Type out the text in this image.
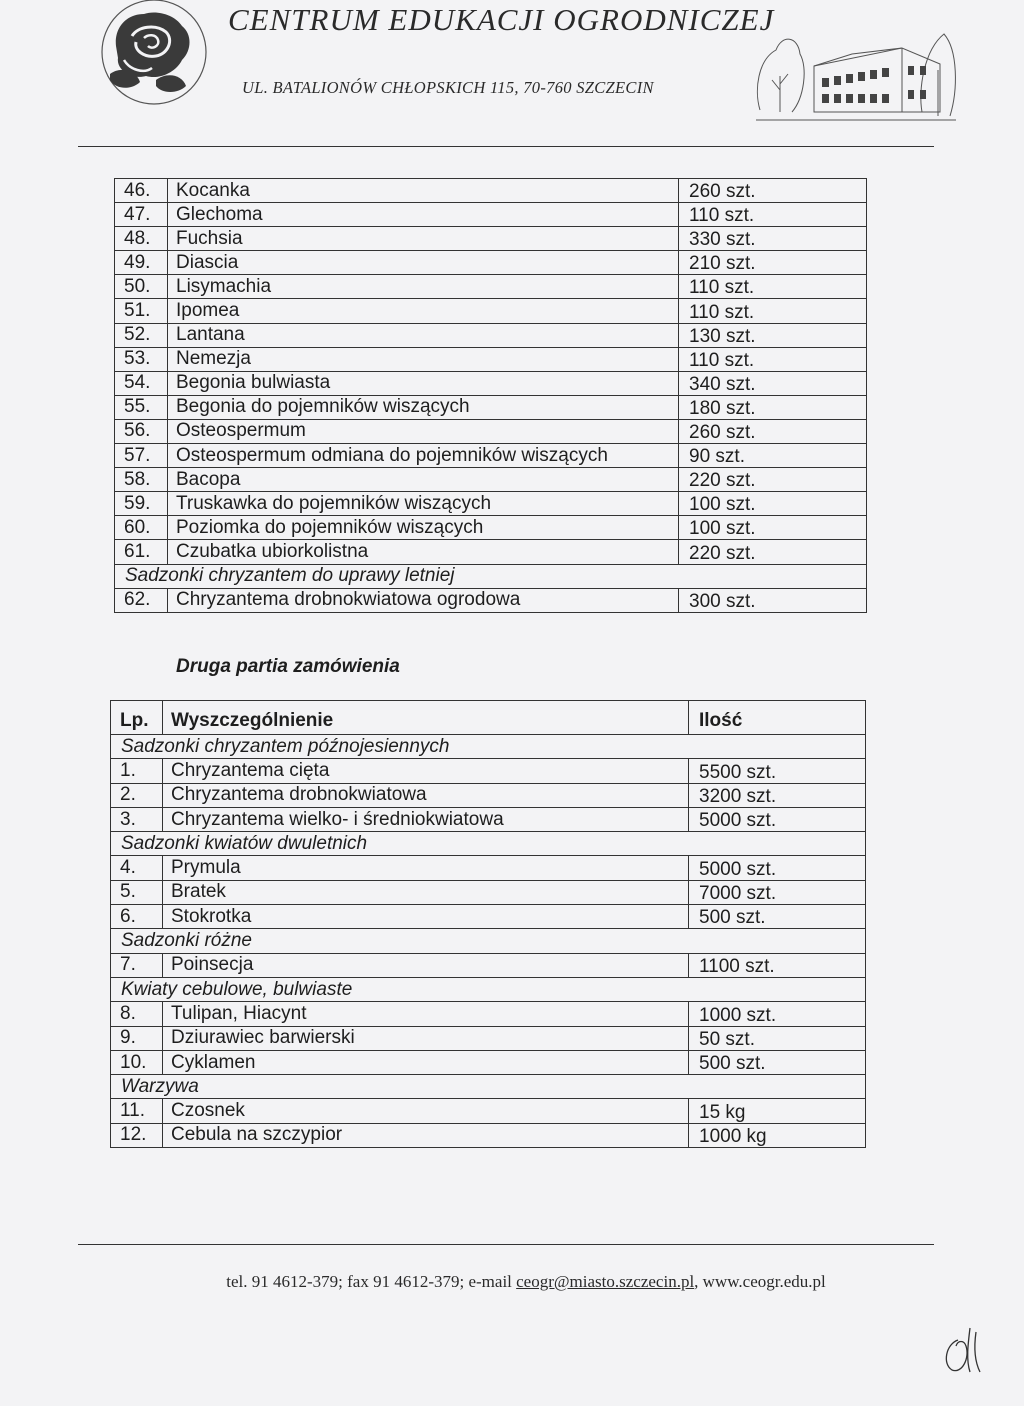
CENTRUM EDUKACJI OGRODNICZEJ
UL. BATALIONÓW CHŁOPSKICH 115, 70-760 SZCZECIN
46.	Kocanka	260 szt.
47.	Glechoma	110 szt.
48.	Fuchsia	330 szt.
49.	Diascia	210 szt.
50.	Lisymachia	110 szt.
51.	Ipomea	110 szt.
52.	Lantana	130 szt.
53.	Nemezja	110 szt.
54.	Begonia bulwiasta	340 szt.
55.	Begonia do pojemników wiszących	180 szt.
56.	Osteospermum	260 szt.
57.	Osteospermum odmiana do pojemników wiszących	90 szt.
58.	Bacopa	220 szt.
59.	Truskawka do pojemników wiszących	100 szt.
60.	Poziomka do pojemników wiszących	100 szt.
61.	Czubatka ubiorkolistna	220 szt.
Sadzonki chryzantem do uprawy letniej		
62.	Chryzantema drobnokwiatowa ogrodowa	300 szt.
Druga partia zamówienia
Lp.	Wyszczególnienie	Ilość
Sadzonki chryzantem późnojesiennych		
1.	Chryzantema cięta	5500 szt.
2.	Chryzantema drobnokwiatowa	3200 szt.
3.	Chryzantema wielko- i średniokwiatowa	5000 szt.
Sadzonki kwiatów dwuletnich		
4.	Prymula	5000 szt.
5.	Bratek	7000 szt.
6.	Stokrotka	500 szt.
Sadzonki różne		
7.	Poinsecja	1100 szt.
Kwiaty cebulowe, bulwiaste		
8.	Tulipan, Hiacynt	1000 szt.
9.	Dziurawiec barwierski	50 szt.
10.	Cyklamen	500 szt.
Warzywa		
11.	Czosnek	15 kg
12.	Cebula na szczypior	1000 kg
tel. 91 4612-379; fax 91 4612-379; e-mail ceogr@miasto.szczecin.pl, www.ceogr.edu.pl
